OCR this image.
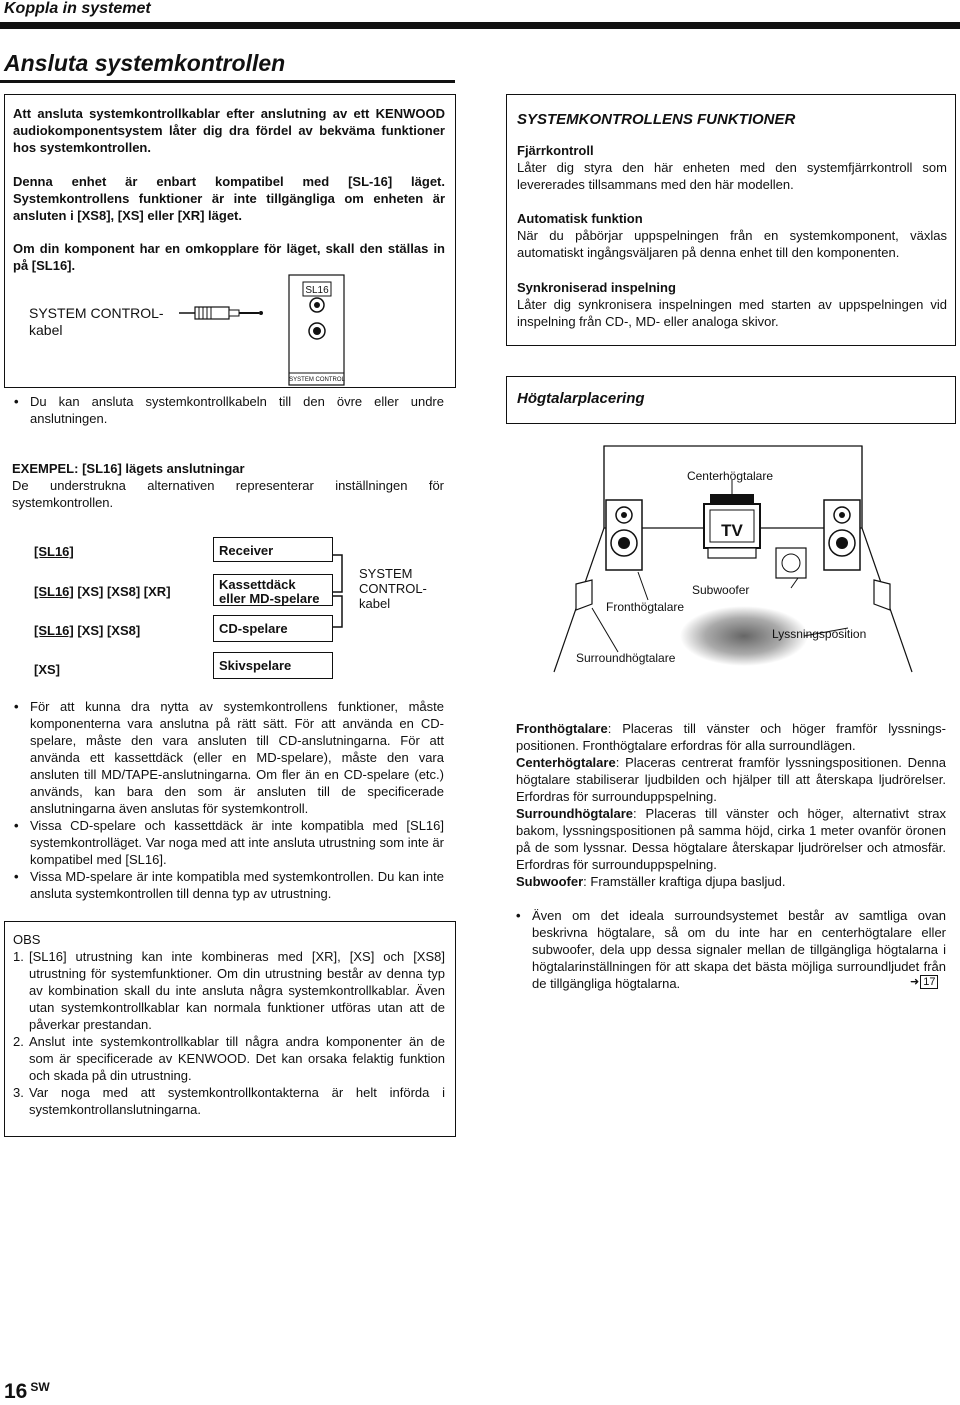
Koppla in systemet
Ansluta systemkontrollen
Att ansluta systemkontrollkablar efter anslutning av ett KENWOOD audiokomponentsystem låter dig dra fördel av bekväma funktioner hos systemkontrollen.
Denna enhet är enbart kompatibel med [SL-16] läget. Systemkontrollens funktioner är inte tillgängliga om enheten är ansluten i [XS8], [XS] eller [XR] läget.
Om din komponent har en omkopplare för läget, skall den ställas in på [SL16].
SYSTEM CONTROL-
kabel
SL16
SYSTEM CONTROL
• Du kan ansluta systemkontrollkabeln till den övre eller undre anslutningen.
EXEMPEL: [SL16] lägets anslutningar
De understrukna alternativen representerar inställningen för systemkontrollen.
[SL16]
[SL16] [XS] [XS8] [XR]
[SL16] [XS] [XS8]
[XS]
Receiver
Kassettdäck
eller MD-spelare
CD-spelare
Skivspelare
SYSTEM
CONTROL-
kabel
• För att kunna dra nytta av systemkontrollens funktioner, måste komponenterna vara anslutna på rätt sätt. För att använda en CD-spelare, måste den vara ansluten till CD-anslutningarna. För att använda ett kassettdäck (eller en MD-spelare), måste den vara ansluten till MD/TAPE-anslutningarna. Om fler än en CD-spelare (etc.) används, kan bara den som är ansluten till de specificerade anslutningarna även anslutas för systemkontroll.
• Vissa CD-spelare och kassettdäck är inte kompatibla med [SL16] systemkontrolläget. Var noga med att inte ansluta utrustning som inte är kompatibel med [SL16].
• Vissa MD-spelare är inte kompatibla med systemkontrollen. Du kan inte ansluta systemkontrollen till denna typ av utrustning.
OBS
1. [SL16] utrustning kan inte kombineras med [XR], [XS] och [XS8] utrustning för systemfunktioner. Om din utrustning består av denna typ av kombination skall du inte ansluta några systemkontrollkablar. Även utan systemkontrollkablar kan normala funktioner utföras utan att de påverkar prestandan.
2. Anslut inte systemkontrollkablar till några andra komponenter än de som är specificerade av KENWOOD. Det kan orsaka felaktig funktion och skada på din utrustning.
3. Var noga med att systemkontrollkontakterna är helt införda i systemkontrollanslutningarna.
SYSTEMKONTROLLENS FUNKTIONER
Fjärrkontroll
Låter dig styra den här enheten med den systemfjärrkontroll som levererades tillsammans med den här modellen.
Automatisk funktion
När du påbörjar uppspelningen från en systemkomponent, växlas automatiskt ingångsväljaren på denna enhet till den komponenten.
Synkroniserad inspelning
Låter dig synkronisera inspelningen med starten av uppspelningen vid inspelning från CD-, MD- eller analoga skivor.
Högtalarplacering
TV
Centerhögtalare
Subwoofer
Fronthögtalare
Lyssningsposition
Surroundhögtalare

Fronthögtalare: Placeras till vänster och höger framför lyssnings-positionen. Fronthögtalare erfordras för alla surroundlägen.

Centerhögtalare: Placeras centrerat framför lyssningspositionen. Denna högtalare stabiliserar ljudbilden och hjälper till att återskapa ljudrörelser. Erfordras för surrounduppspelning.

Surroundhögtalare: Placeras till vänster och höger, alternativt strax bakom, lyssningspositionen på samma höjd, cirka 1 meter ovanför öronen på de som lyssnar. Dessa högtalare återskapar ljudrörelser och atmosfär. Erfordras för surrounduppspelning.

Subwoofer: Framställer kraftiga djupa basljud.

• Även om det ideala surroundsystemet består av samtliga ovan beskrivna högtalare, så om du inte har en centerhögtalare eller subwoofer, dela upp dessa signaler mellan de tillgängliga högtalarna i högtalarinställningen för att skapa det bästa möjliga surroundljudet från de tillgängliga högtalarna.	➜ 17
16 $^{SW}$
